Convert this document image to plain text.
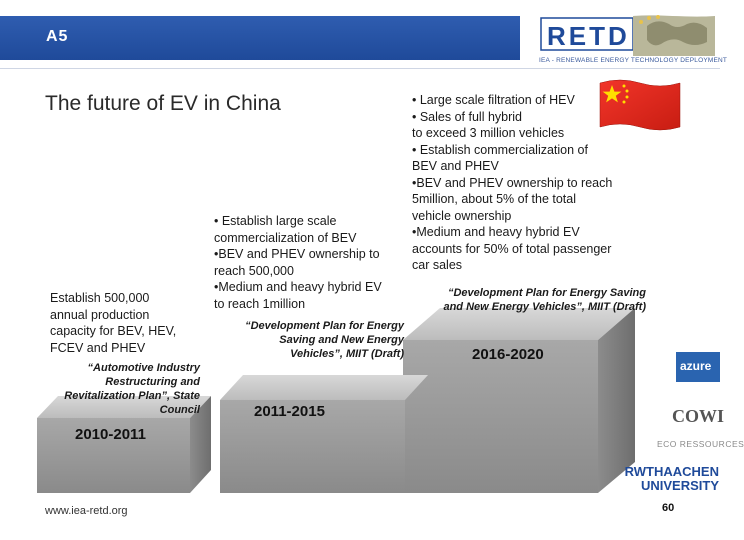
A5	RETD
IEA - RENEWABLE ENERGY TECHNOLOGY DEPLOYMENT
The future of EV in China
Establish 500,000
annual production
capacity for BEV, HEV,
FCEV and PHEV
“Automotive Industry
Restructuring and
Revitalization Plan”, State
Council
2010-2011
• Establish large scale
commercialization of BEV
•BEV and PHEV ownership to
reach 500,000
•Medium and heavy hybrid EV
to reach 1million
“Development Plan for Energy
Saving and New Energy
Vehicles”, MIIT (Draft)
2011-2015
• Large scale filtration of HEV
• Sales of full hybrid
to exceed 3 million vehicles
• Establish commercialization of
BEV and PHEV
•BEV and PHEV ownership to reach
5million, about 5% of the total
vehicle ownership
•Medium and heavy hybrid EV
accounts for 50% of total passenger
car sales
“Development Plan for Energy Saving
and New Energy Vehicles”, MIIT (Draft)
2016-2020
azure
COWI
ECO RESSOURCES
RWTHAACHEN UNIVERSITY
www.iea-retd.org	60
